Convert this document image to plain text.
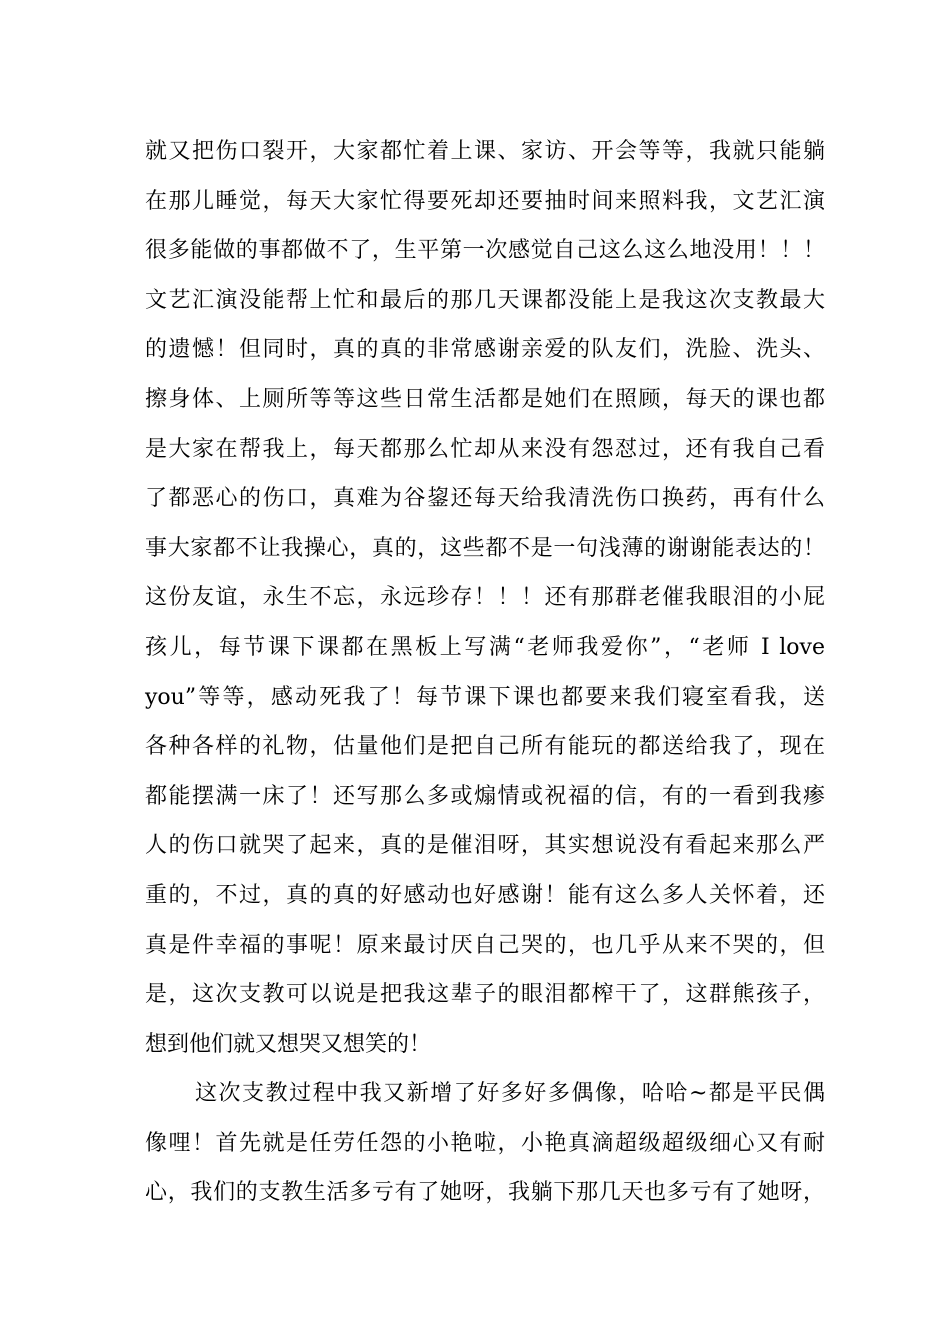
就又把伤口裂开，大家都忙着上课、家访、开会等等，我就只能躺
在那儿睡觉，每天大家忙得要死却还要抽时间来照料我，文艺汇演
很多能做的事都做不了，生平第一次感觉自己这么这么地没用！！！
文艺汇演没能帮上忙和最后的那几天课都没能上是我这次支教最大
的遗憾！但同时，真的真的非常感谢亲爱的队友们，洗脸、洗头、
擦身体、上厕所等等这些日常生活都是她们在照顾，每天的课也都
是大家在帮我上，每天都那么忙却从来没有怨怼过，还有我自己看
了都恶心的伤口，真难为谷鋆还每天给我清洗伤口换药，再有什么
事大家都不让我操心，真的，这些都不是一句浅薄的谢谢能表达的！
这份友谊，永生不忘，永远珍存！！！还有那群老催我眼泪的小屁
孩儿，每节课下课都在黑板上写满“老师我爱你”，“老师 I love
you”等等，感动死我了！每节课下课也都要来我们寝室看我，送
各种各样的礼物，估量他们是把自己所有能玩的都送给我了，现在
都能摆满一床了！还写那么多或煽情或祝福的信，有的一看到我瘆
人的伤口就哭了起来，真的是催泪呀，其实想说没有看起来那么严
重的，不过，真的真的好感动也好感谢！能有这么多人关怀着，还
真是件幸福的事呢！原来最讨厌自己哭的，也几乎从来不哭的，但
是，这次支教可以说是把我这辈子的眼泪都榨干了，这群熊孩子，
想到他们就又想哭又想笑的！
这次支教过程中我又新增了好多好多偶像，哈哈~都是平民偶
像哩！首先就是任劳任怨的小艳啦，小艳真滴超级超级细心又有耐
心，我们的支教生活多亏有了她呀，我躺下那几天也多亏有了她呀，
